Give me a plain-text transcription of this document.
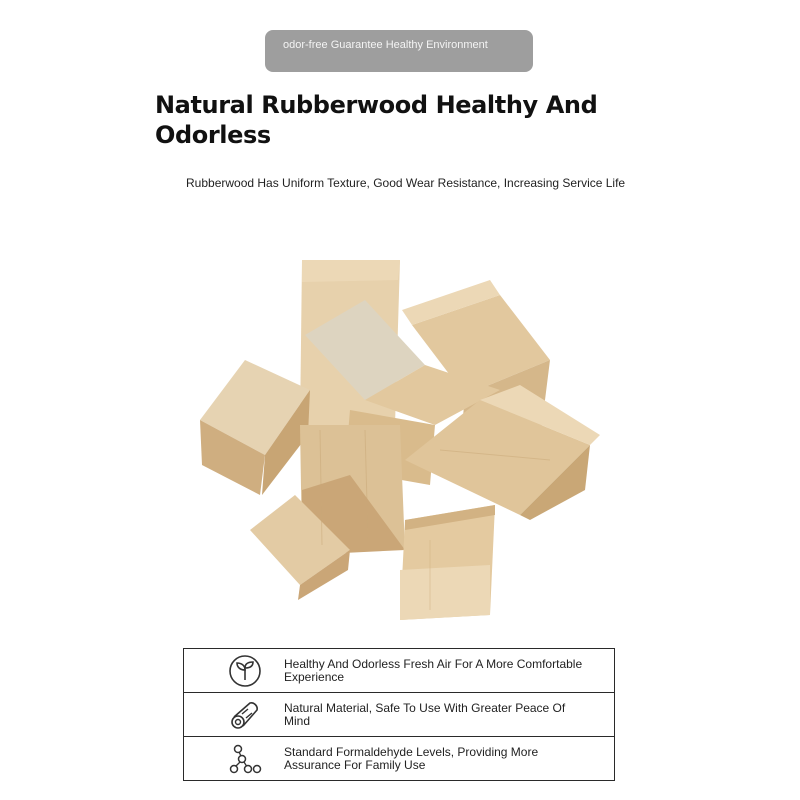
odor-free Guarantee Healthy Environment
Natural Rubberwood Healthy And Odorless
Rubberwood Has Uniform Texture, Good Wear Resistance, Increasing Service Life
Healthy And Odorless Fresh Air For A More Comfortable Experience
Natural Material, Safe To Use With Greater Peace Of Mind
Standard Formaldehyde Levels, Providing More Assurance For Family Use
